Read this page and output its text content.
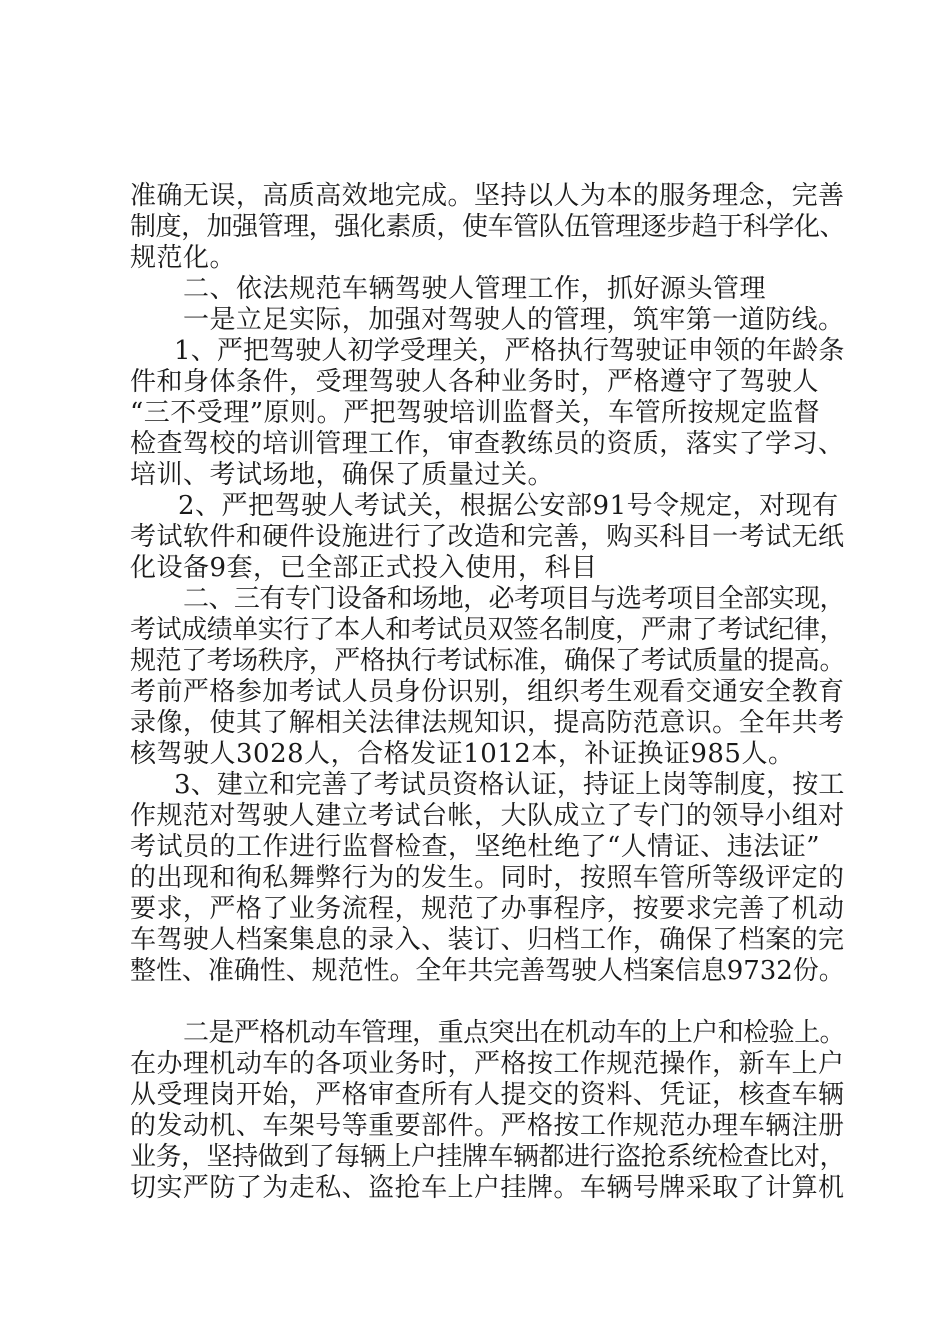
准确无误，高质高效地完成。坚持以人为本的服务理念，完善
制度，加强管理，强化素质，使车管队伍管理逐步趋于科学化、
规范化。
二、依法规范车辆驾驶人管理工作，抓好源头管理
一是立足实际，加强对驾驶人的管理，筑牢第一道防线。
1、严把驾驶人初学受理关，严格执行驾驶证申领的年龄条
件和身体条件，受理驾驶人各种业务时，严格遵守了驾驶人
“三不受理”原则。严把驾驶培训监督关，车管所按规定监督
检查驾校的培训管理工作，审查教练员的资质，落实了学习、
培训、考试场地，确保了质量过关。
2、严把驾驶人考试关，根据公安部91号令规定，对现有
考试软件和硬件设施进行了改造和完善，购买科目一考试无纸
化设备9套，已全部正式投入使用，科目
二、三有专门设备和场地，必考项目与选考项目全部实现，
考试成绩单实行了本人和考试员双签名制度，严肃了考试纪律，
规范了考场秩序，严格执行考试标准，确保了考试质量的提高。
考前严格参加考试人员身份识别，组织考生观看交通安全教育
录像，使其了解相关法律法规知识，提高防范意识。全年共考
核驾驶人3028人，合格发证1012本，补证换证985人。
3、建立和完善了考试员资格认证，持证上岗等制度，按工
作规范对驾驶人建立考试台帐，大队成立了专门的领导小组对
考试员的工作进行监督检查，坚绝杜绝了“人情证、违法证”
的出现和徇私舞弊行为的发生。同时，按照车管所等级评定的
要求，严格了业务流程，规范了办事程序，按要求完善了机动
车驾驶人档案集息的录入、装订、归档工作，确保了档案的完
整性、准确性、规范性。全年共完善驾驶人档案信息9732份。
二是严格机动车管理，重点突出在机动车的上户和检验上。
在办理机动车的各项业务时，严格按工作规范操作，新车上户
从受理岗开始，严格审查所有人提交的资料、凭证，核查车辆
的发动机、车架号等重要部件。严格按工作规范办理车辆注册
业务，坚持做到了每辆上户挂牌车辆都进行盗抢系统检查比对，
切实严防了为走私、盗抢车上户挂牌。车辆号牌采取了计算机
